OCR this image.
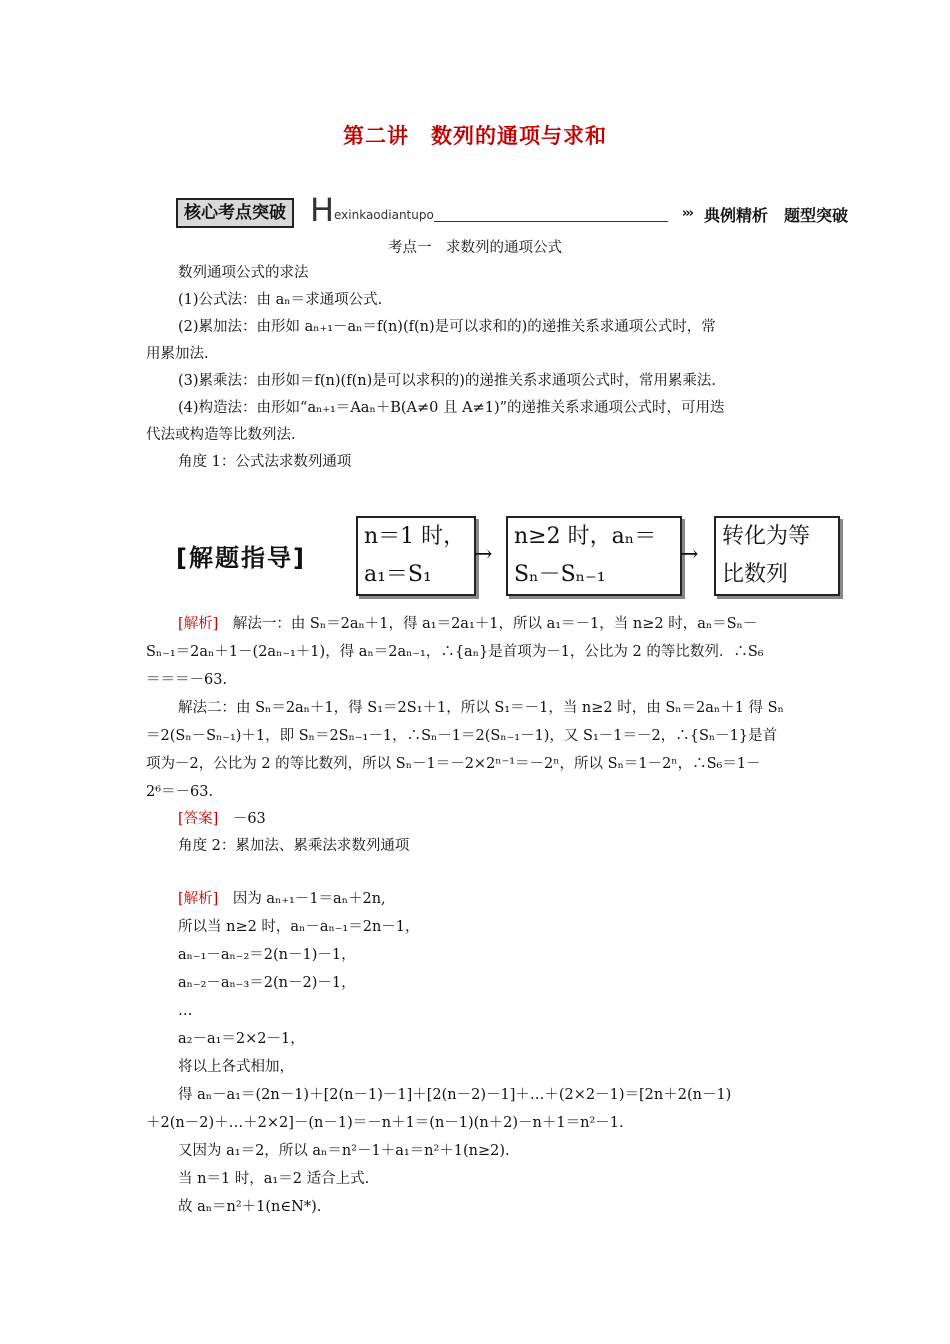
第二讲　数列的通项与求和
核心考点突破 H exinkaodiantupo	››› 典例精析　题型突破
考点一　求数列的通项公式
数列通项公式的求法
(1)公式法：由 aₙ＝求通项公式.
(2)累加法：由形如 aₙ₊₁－aₙ＝f(n)(f(n)是可以求和的)的递推关系求通项公式时，常
用累加法.
(3)累乘法：由形如＝f(n)(f(n)是可以求积的)的递推关系求通项公式时，常用累乘法.
(4)构造法：由形如“aₙ₊₁＝Aaₙ＋B(A≠0 且 A≠1)”的递推关系求通项公式时，可用迭
代法或构造等比数列法.
角度 1：公式法求数列通项
[解题指导]
n＝1 时，
a₁＝S₁
→
n≥2 时，aₙ＝
Sₙ－Sₙ₋₁
→
转化为等
比数列
[解析]　 解法一：由 Sₙ＝2aₙ＋1，得 a₁＝2a₁＋1，所以 a₁＝－1，当 n≥2 时，aₙ＝Sₙ－
Sₙ₋₁＝2aₙ＋1－(2aₙ₋₁＋1)，得 aₙ＝2aₙ₋₁，∴{aₙ}是首项为－1，公比为 2 的等比数列．∴S₆
＝＝＝－63.
解法二：由 Sₙ＝2aₙ＋1，得 S₁＝2S₁＋1，所以 S₁＝－1，当 n≥2 时，由 Sₙ＝2aₙ＋1 得 Sₙ
＝2(Sₙ－Sₙ₋₁)＋1，即 Sₙ＝2Sₙ₋₁－1，∴Sₙ－1＝2(Sₙ₋₁－1)，又 S₁－1＝－2，∴{Sₙ－1}是首
项为－2，公比为 2 的等比数列，所以 Sₙ－1＝－2×2ⁿ⁻¹＝－2ⁿ，所以 Sₙ＝1－2ⁿ，∴S₆＝1－
2⁶＝－63.
[答案]　 －63
角度 2：累加法、累乘法求数列通项
[解析]　 因为 aₙ₊₁－1＝aₙ＋2n,
所以当 n≥2 时，aₙ－aₙ₋₁＝2n－1，
aₙ₋₁－aₙ₋₂＝2(n－1)－1，
aₙ₋₂－aₙ₋₃＝2(n－2)－1，
…
a₂－a₁＝2×2－1，
将以上各式相加，
得 aₙ－a₁＝(2n－1)＋[2(n－1)－1]＋[2(n－2)－1]＋…＋(2×2－1)＝[2n＋2(n－1)
＋2(n－2)＋…＋2×2]－(n－1)＝－n＋1＝(n－1)(n＋2)－n＋1＝n²－1.
又因为 a₁＝2，所以 aₙ＝n²－1＋a₁＝n²＋1(n≥2).
当 n＝1 时，a₁＝2 适合上式.
故 aₙ＝n²＋1(n∈N*).
